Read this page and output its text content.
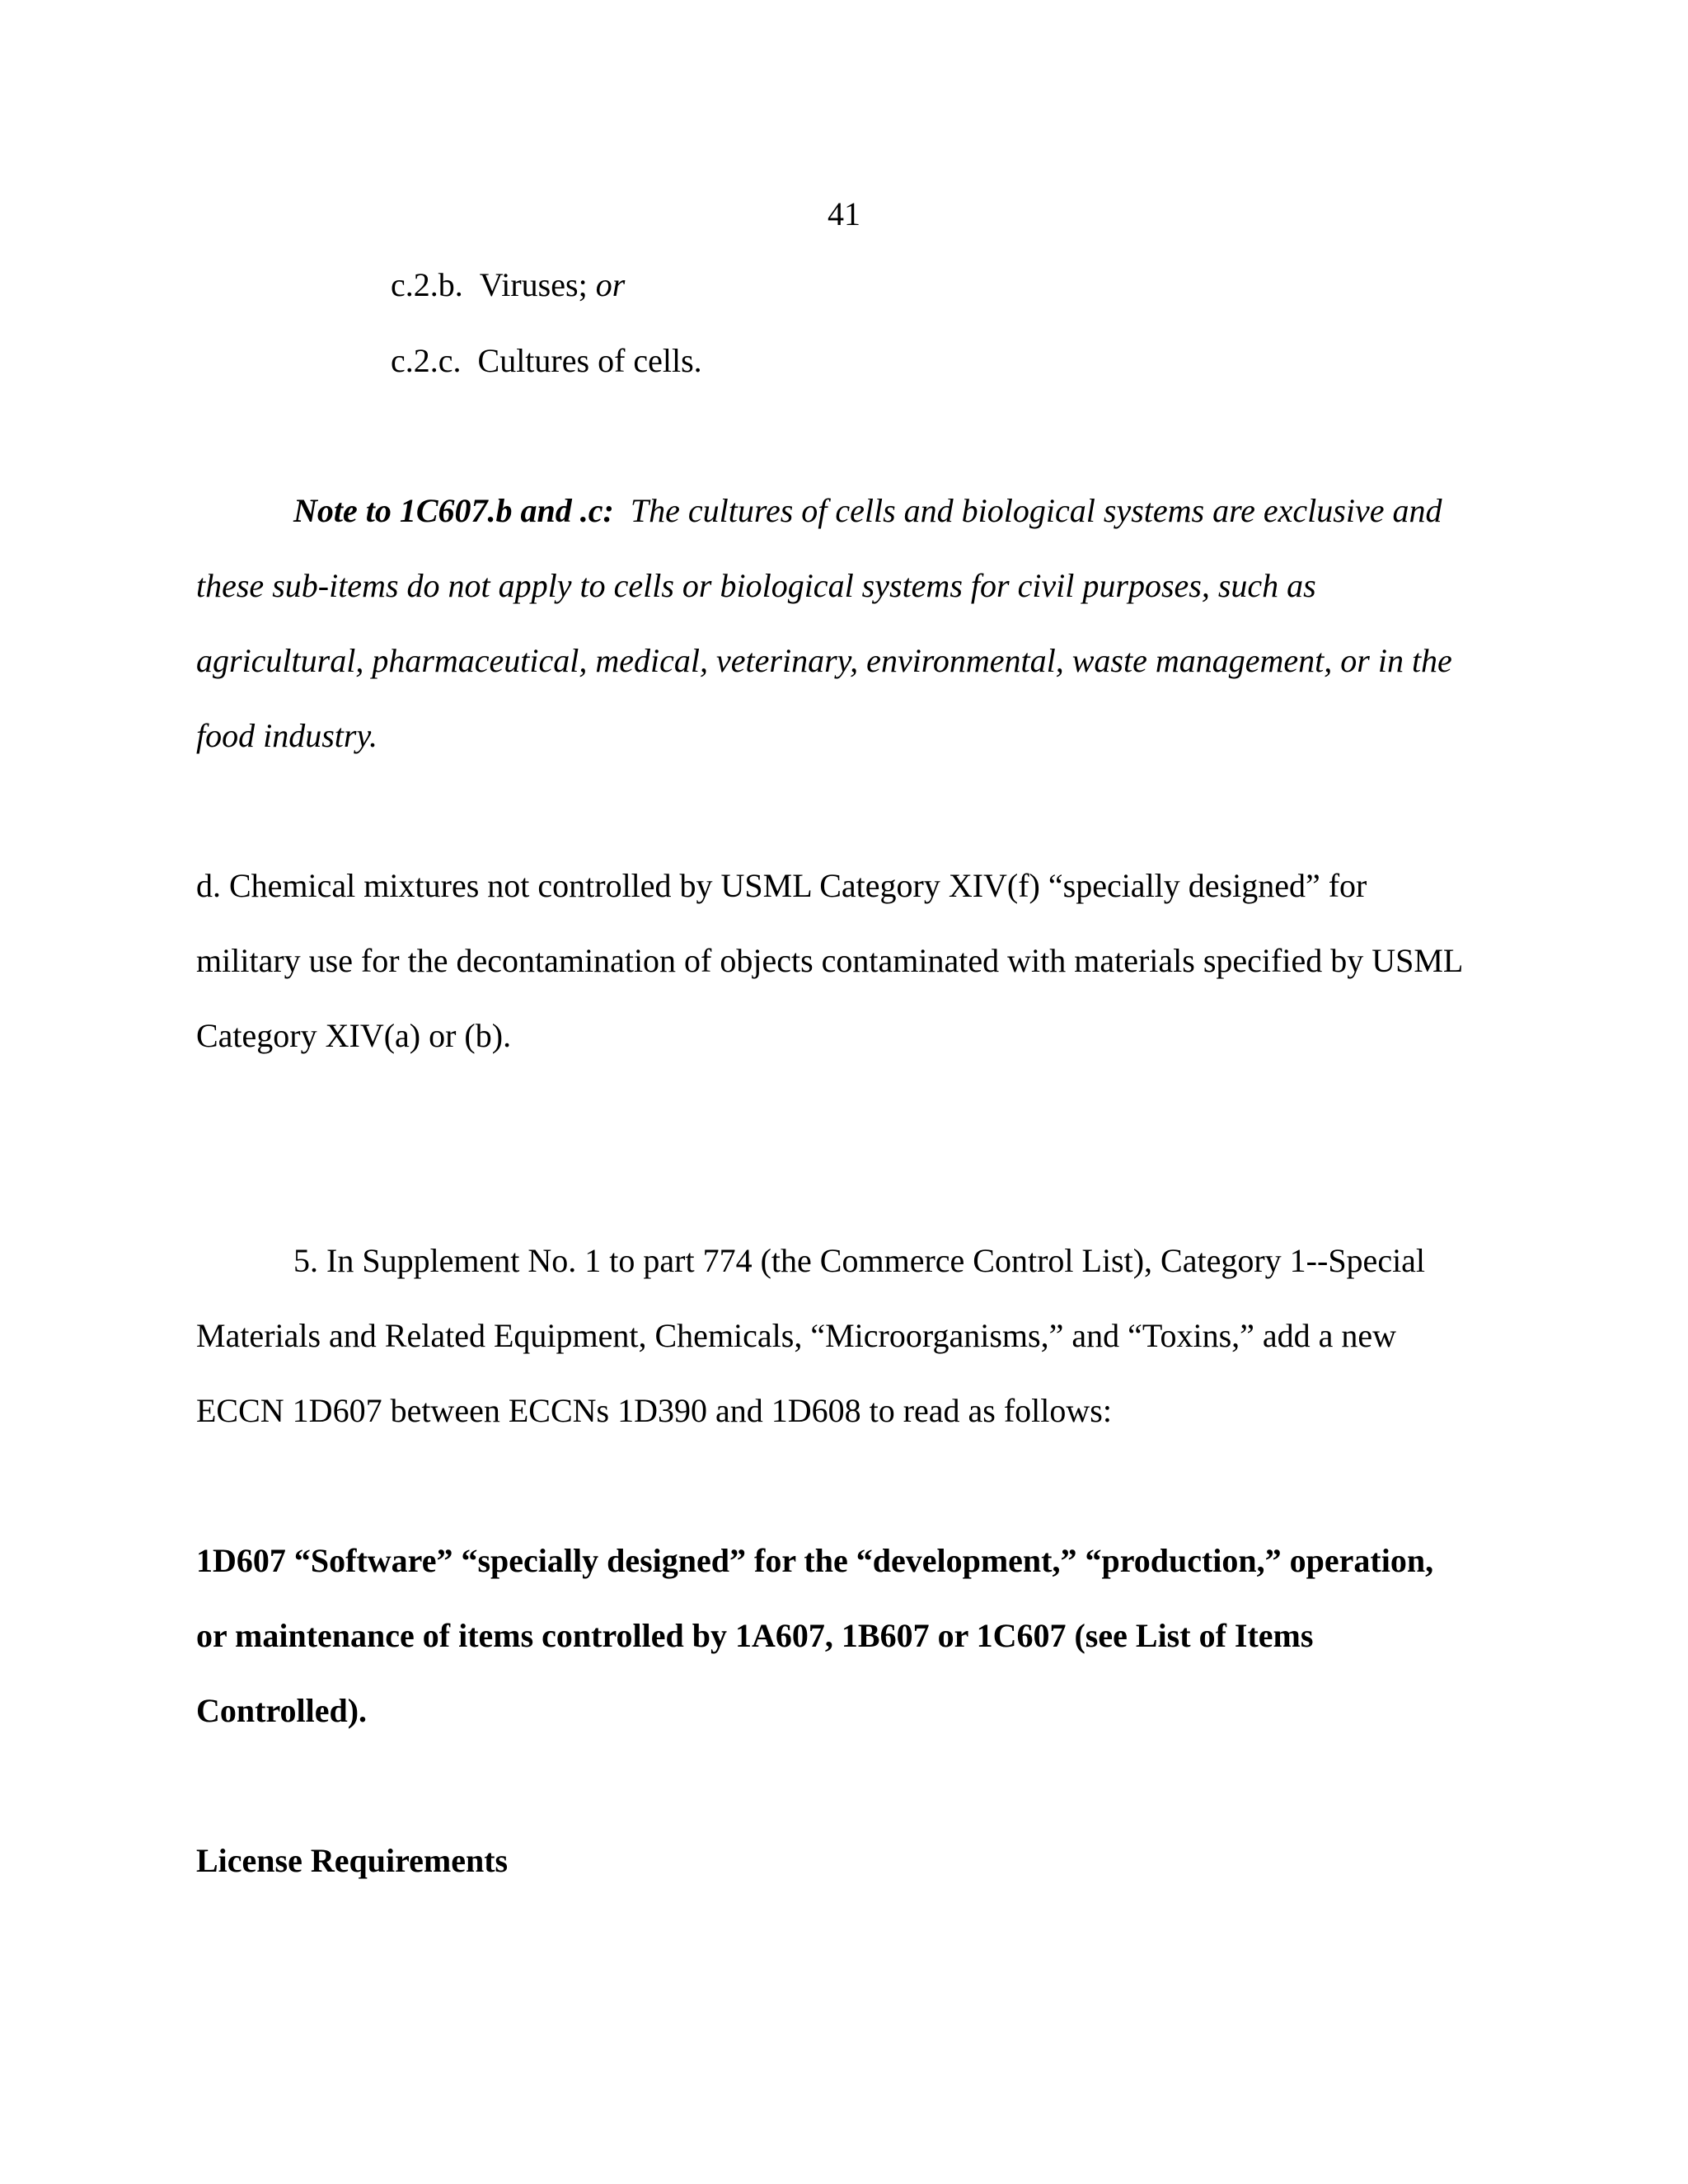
41
c.2.b. Viruses; or
c.2.c. Cultures of cells.
Note to 1C607.b and .c: The cultures of cells and biological systems are exclusive and
these sub-items do not apply to cells or biological systems for civil purposes, such as
agricultural, pharmaceutical, medical, veterinary, environmental, waste management, or in the
food industry.
d. Chemical mixtures not controlled by USML Category XIV(f) “specially designed” for
military use for the decontamination of objects contaminated with materials specified by USML
Category XIV(a) or (b).
5. In Supplement No. 1 to part 774 (the Commerce Control List), Category 1--Special
Materials and Related Equipment, Chemicals, “Microorganisms,” and “Toxins,” add a new
ECCN 1D607 between ECCNs 1D390 and 1D608 to read as follows:
1D607 “Software” “specially designed” for the “development,” “production,” operation,
or maintenance of items controlled by 1A607, 1B607 or 1C607 (see List of Items
Controlled).
License Requirements
